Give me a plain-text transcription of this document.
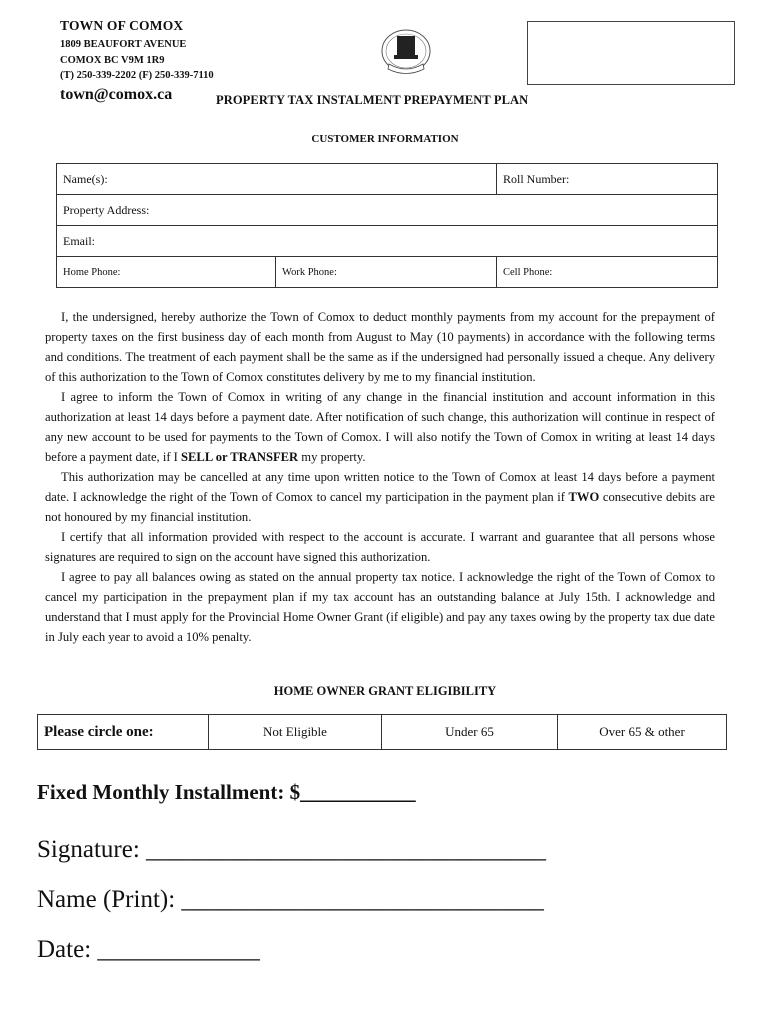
TOWN OF COMOX
1809 BEAUFORT AVENUE
COMOX BC V9M 1R9
(T) 250-339-2202 (F) 250-339-7110
town@comox.ca	PROPERTY TAX INSTALMENT PREPAYMENT PLAN
CUSTOMER INFORMATION
Name(s):		Roll Number:
Property Address:		
Email:		
Home Phone:	Work Phone:	Cell Phone:

I, the undersigned, hereby authorize the Town of Comox to deduct monthly payments from my account for the prepayment of property taxes on the first business day of each month from August to May (10 payments) in accordance with the following terms and conditions. The treatment of each payment shall be the same as if the undersigned had personally issued a cheque. Any delivery of this authorization to the Town of Comox constitutes delivery by me to my financial institution.

I agree to inform the Town of Comox in writing of any change in the financial institution and account information in this authorization at least 14 days before a payment date. After notification of such change, this authorization will continue in respect of any new account to be used for payments to the Town of Comox. I will also notify the Town of Comox in writing at least 14 days before a payment date, if I SELL or TRANSFER my property.

This authorization may be cancelled at any time upon written notice to the Town of Comox at least 14 days before a payment date. I acknowledge the right of the Town of Comox to cancel my participation in the payment plan if TWO consecutive debits are not honoured by my financial institution.

I certify that all information provided with respect to the account is accurate. I warrant and guarantee that all persons whose signatures are required to sign on the account have signed this authorization.

I agree to pay all balances owing as stated on the annual property tax notice. I acknowledge the right of the Town of Comox to cancel my participation in the prepayment plan if my tax account has an outstanding balance at July 15th. I acknowledge and understand that I must apply for the Provincial Home Owner Grant (if eligible) and pay any taxes owing by the property tax due date in July each year to avoid a 10% penalty.

HOME OWNER GRANT ELIGIBILITY
Please circle one:	Not Eligible	Under 65	Over 65 & other
Fixed Monthly Installment: $___________
Signature: ________________________________
Name (Print): _____________________________
Date: _____________
